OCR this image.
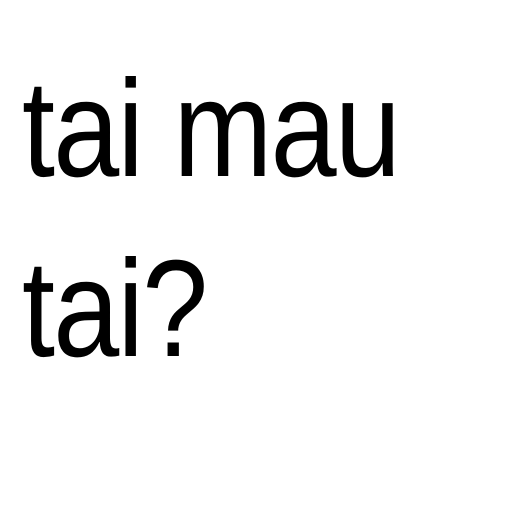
tai mau

tai?
